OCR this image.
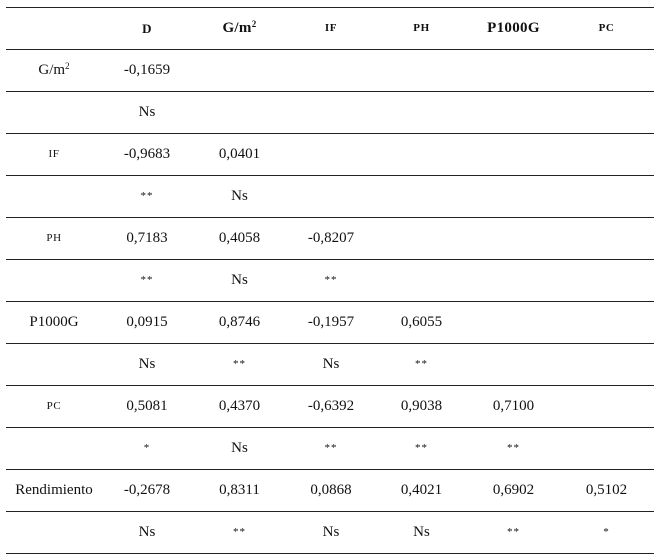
	D	$G/m^2$	IF	PH	P1000G	PC
$G/m^2$	-0,1659					
	Ns					
IF	-0,9683	0,0401				
	**	Ns				
PH	0,7183	0,4058	-0,8207			
	**	Ns	**			
P1000G	0,0915	0,8746	-0,1957	0,6055		
	Ns	**	Ns	**		
PC	0,5081	0,4370	-0,6392	0,9038	0,7100	
	*	Ns	**	**	**	
Rendimiento	-0,2678	0,8311	0,0868	0,4021	0,6902	0,5102
	Ns	**	Ns	Ns	**	*
